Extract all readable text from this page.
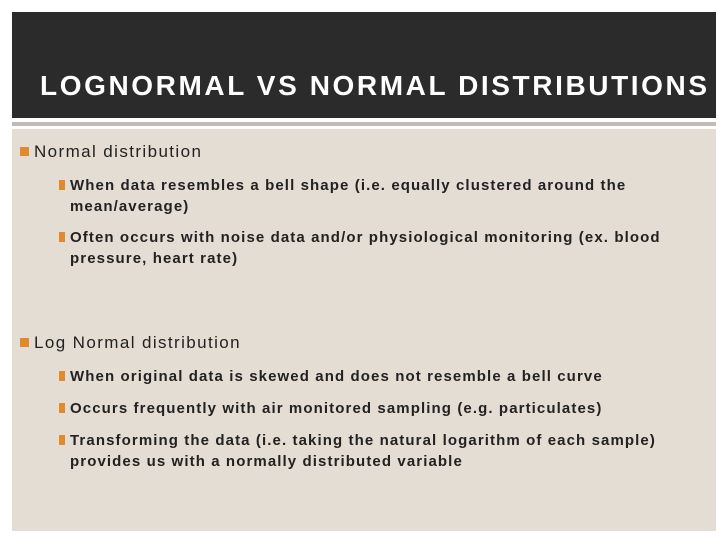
LOGNORMAL VS NORMAL DISTRIBUTIONS
Normal distribution
When data resembles a bell shape (i.e. equally clustered around the mean/average)
Often occurs with noise data and/or physiological monitoring (ex. blood pressure, heart rate)
Log Normal distribution
When original data is skewed and does not resemble a bell curve
Occurs frequently with air monitored sampling (e.g. particulates)
Transforming the data (i.e. taking the natural logarithm of each sample) provides us with a normally distributed variable
